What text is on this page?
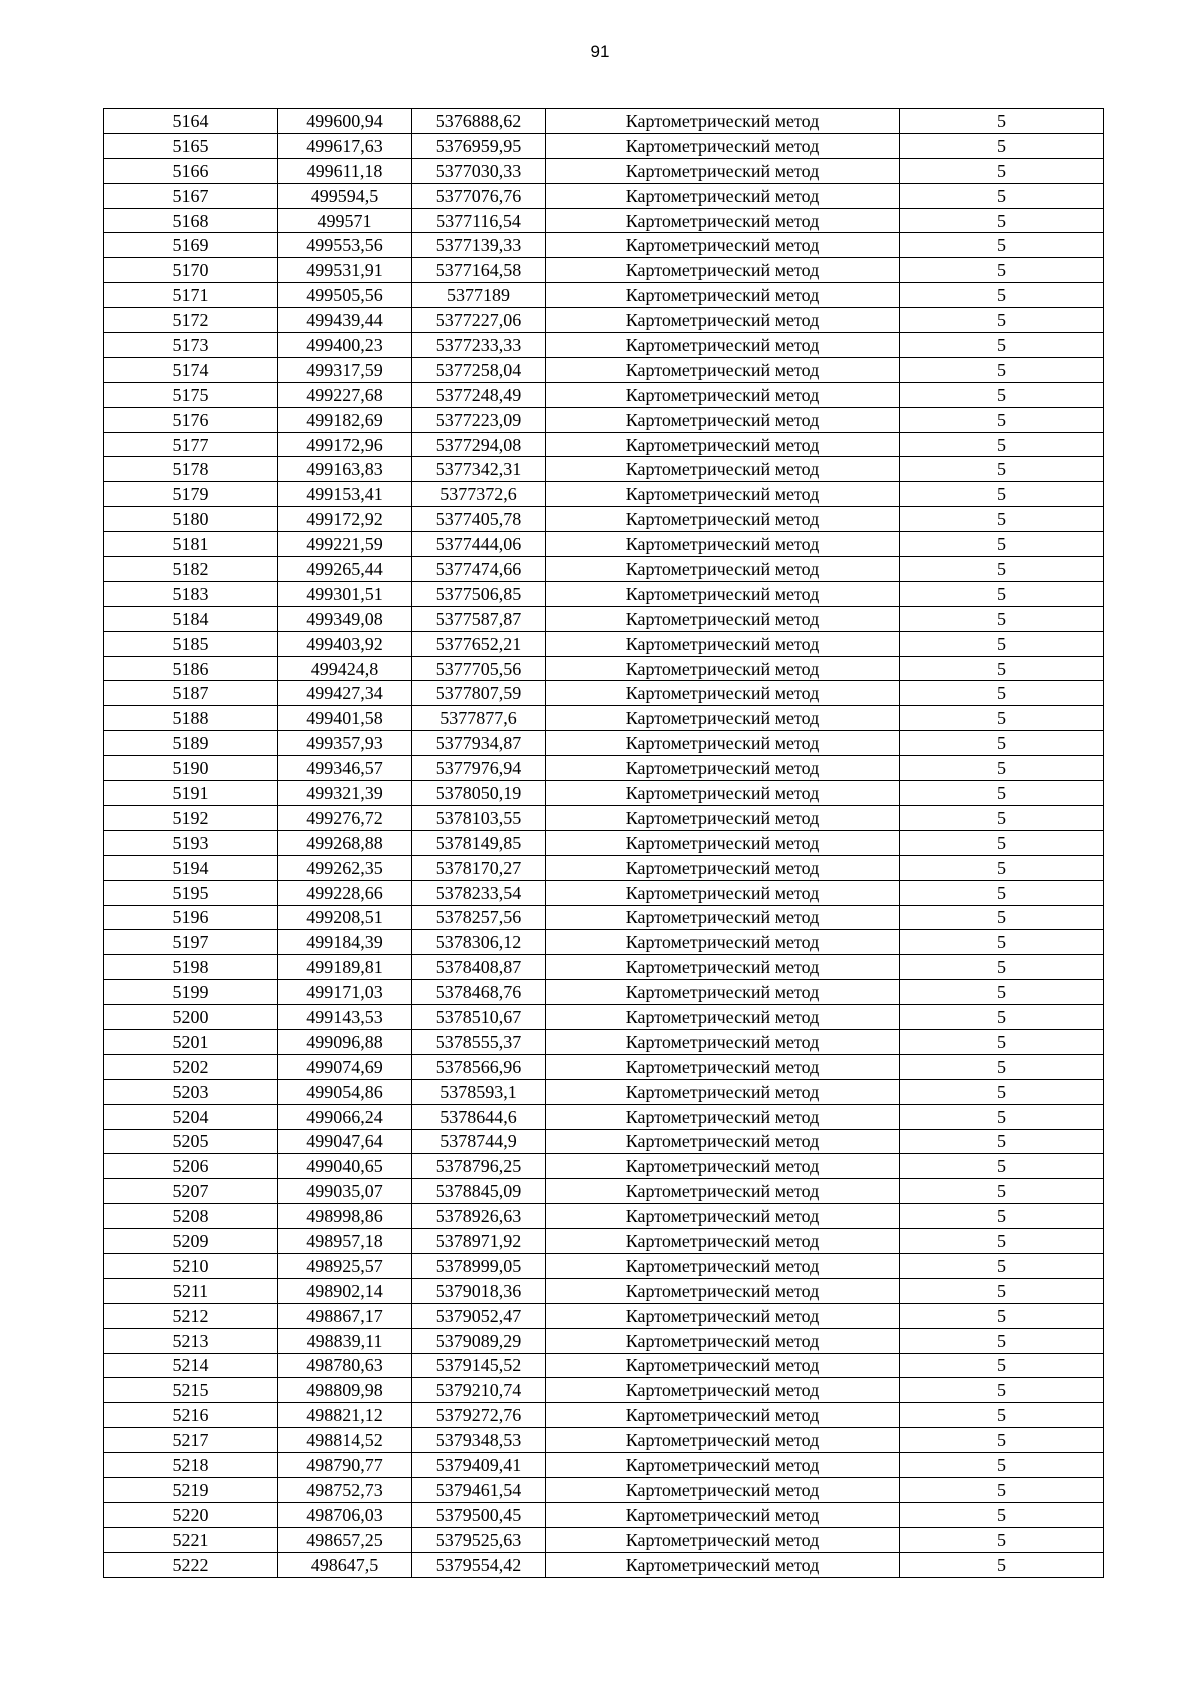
91
5164	499600,94	5376888,62	Картометрический метод	5
5165	499617,63	5376959,95	Картометрический метод	5
5166	499611,18	5377030,33	Картометрический метод	5
5167	499594,5	5377076,76	Картометрический метод	5
5168	499571	5377116,54	Картометрический метод	5
5169	499553,56	5377139,33	Картометрический метод	5
5170	499531,91	5377164,58	Картометрический метод	5
5171	499505,56	5377189	Картометрический метод	5
5172	499439,44	5377227,06	Картометрический метод	5
5173	499400,23	5377233,33	Картометрический метод	5
5174	499317,59	5377258,04	Картометрический метод	5
5175	499227,68	5377248,49	Картометрический метод	5
5176	499182,69	5377223,09	Картометрический метод	5
5177	499172,96	5377294,08	Картометрический метод	5
5178	499163,83	5377342,31	Картометрический метод	5
5179	499153,41	5377372,6	Картометрический метод	5
5180	499172,92	5377405,78	Картометрический метод	5
5181	499221,59	5377444,06	Картометрический метод	5
5182	499265,44	5377474,66	Картометрический метод	5
5183	499301,51	5377506,85	Картометрический метод	5
5184	499349,08	5377587,87	Картометрический метод	5
5185	499403,92	5377652,21	Картометрический метод	5
5186	499424,8	5377705,56	Картометрический метод	5
5187	499427,34	5377807,59	Картометрический метод	5
5188	499401,58	5377877,6	Картометрический метод	5
5189	499357,93	5377934,87	Картометрический метод	5
5190	499346,57	5377976,94	Картометрический метод	5
5191	499321,39	5378050,19	Картометрический метод	5
5192	499276,72	5378103,55	Картометрический метод	5
5193	499268,88	5378149,85	Картометрический метод	5
5194	499262,35	5378170,27	Картометрический метод	5
5195	499228,66	5378233,54	Картометрический метод	5
5196	499208,51	5378257,56	Картометрический метод	5
5197	499184,39	5378306,12	Картометрический метод	5
5198	499189,81	5378408,87	Картометрический метод	5
5199	499171,03	5378468,76	Картометрический метод	5
5200	499143,53	5378510,67	Картометрический метод	5
5201	499096,88	5378555,37	Картометрический метод	5
5202	499074,69	5378566,96	Картометрический метод	5
5203	499054,86	5378593,1	Картометрический метод	5
5204	499066,24	5378644,6	Картометрический метод	5
5205	499047,64	5378744,9	Картометрический метод	5
5206	499040,65	5378796,25	Картометрический метод	5
5207	499035,07	5378845,09	Картометрический метод	5
5208	498998,86	5378926,63	Картометрический метод	5
5209	498957,18	5378971,92	Картометрический метод	5
5210	498925,57	5378999,05	Картометрический метод	5
5211	498902,14	5379018,36	Картометрический метод	5
5212	498867,17	5379052,47	Картометрический метод	5
5213	498839,11	5379089,29	Картометрический метод	5
5214	498780,63	5379145,52	Картометрический метод	5
5215	498809,98	5379210,74	Картометрический метод	5
5216	498821,12	5379272,76	Картометрический метод	5
5217	498814,52	5379348,53	Картометрический метод	5
5218	498790,77	5379409,41	Картометрический метод	5
5219	498752,73	5379461,54	Картометрический метод	5
5220	498706,03	5379500,45	Картометрический метод	5
5221	498657,25	5379525,63	Картометрический метод	5
5222	498647,5	5379554,42	Картометрический метод	5
